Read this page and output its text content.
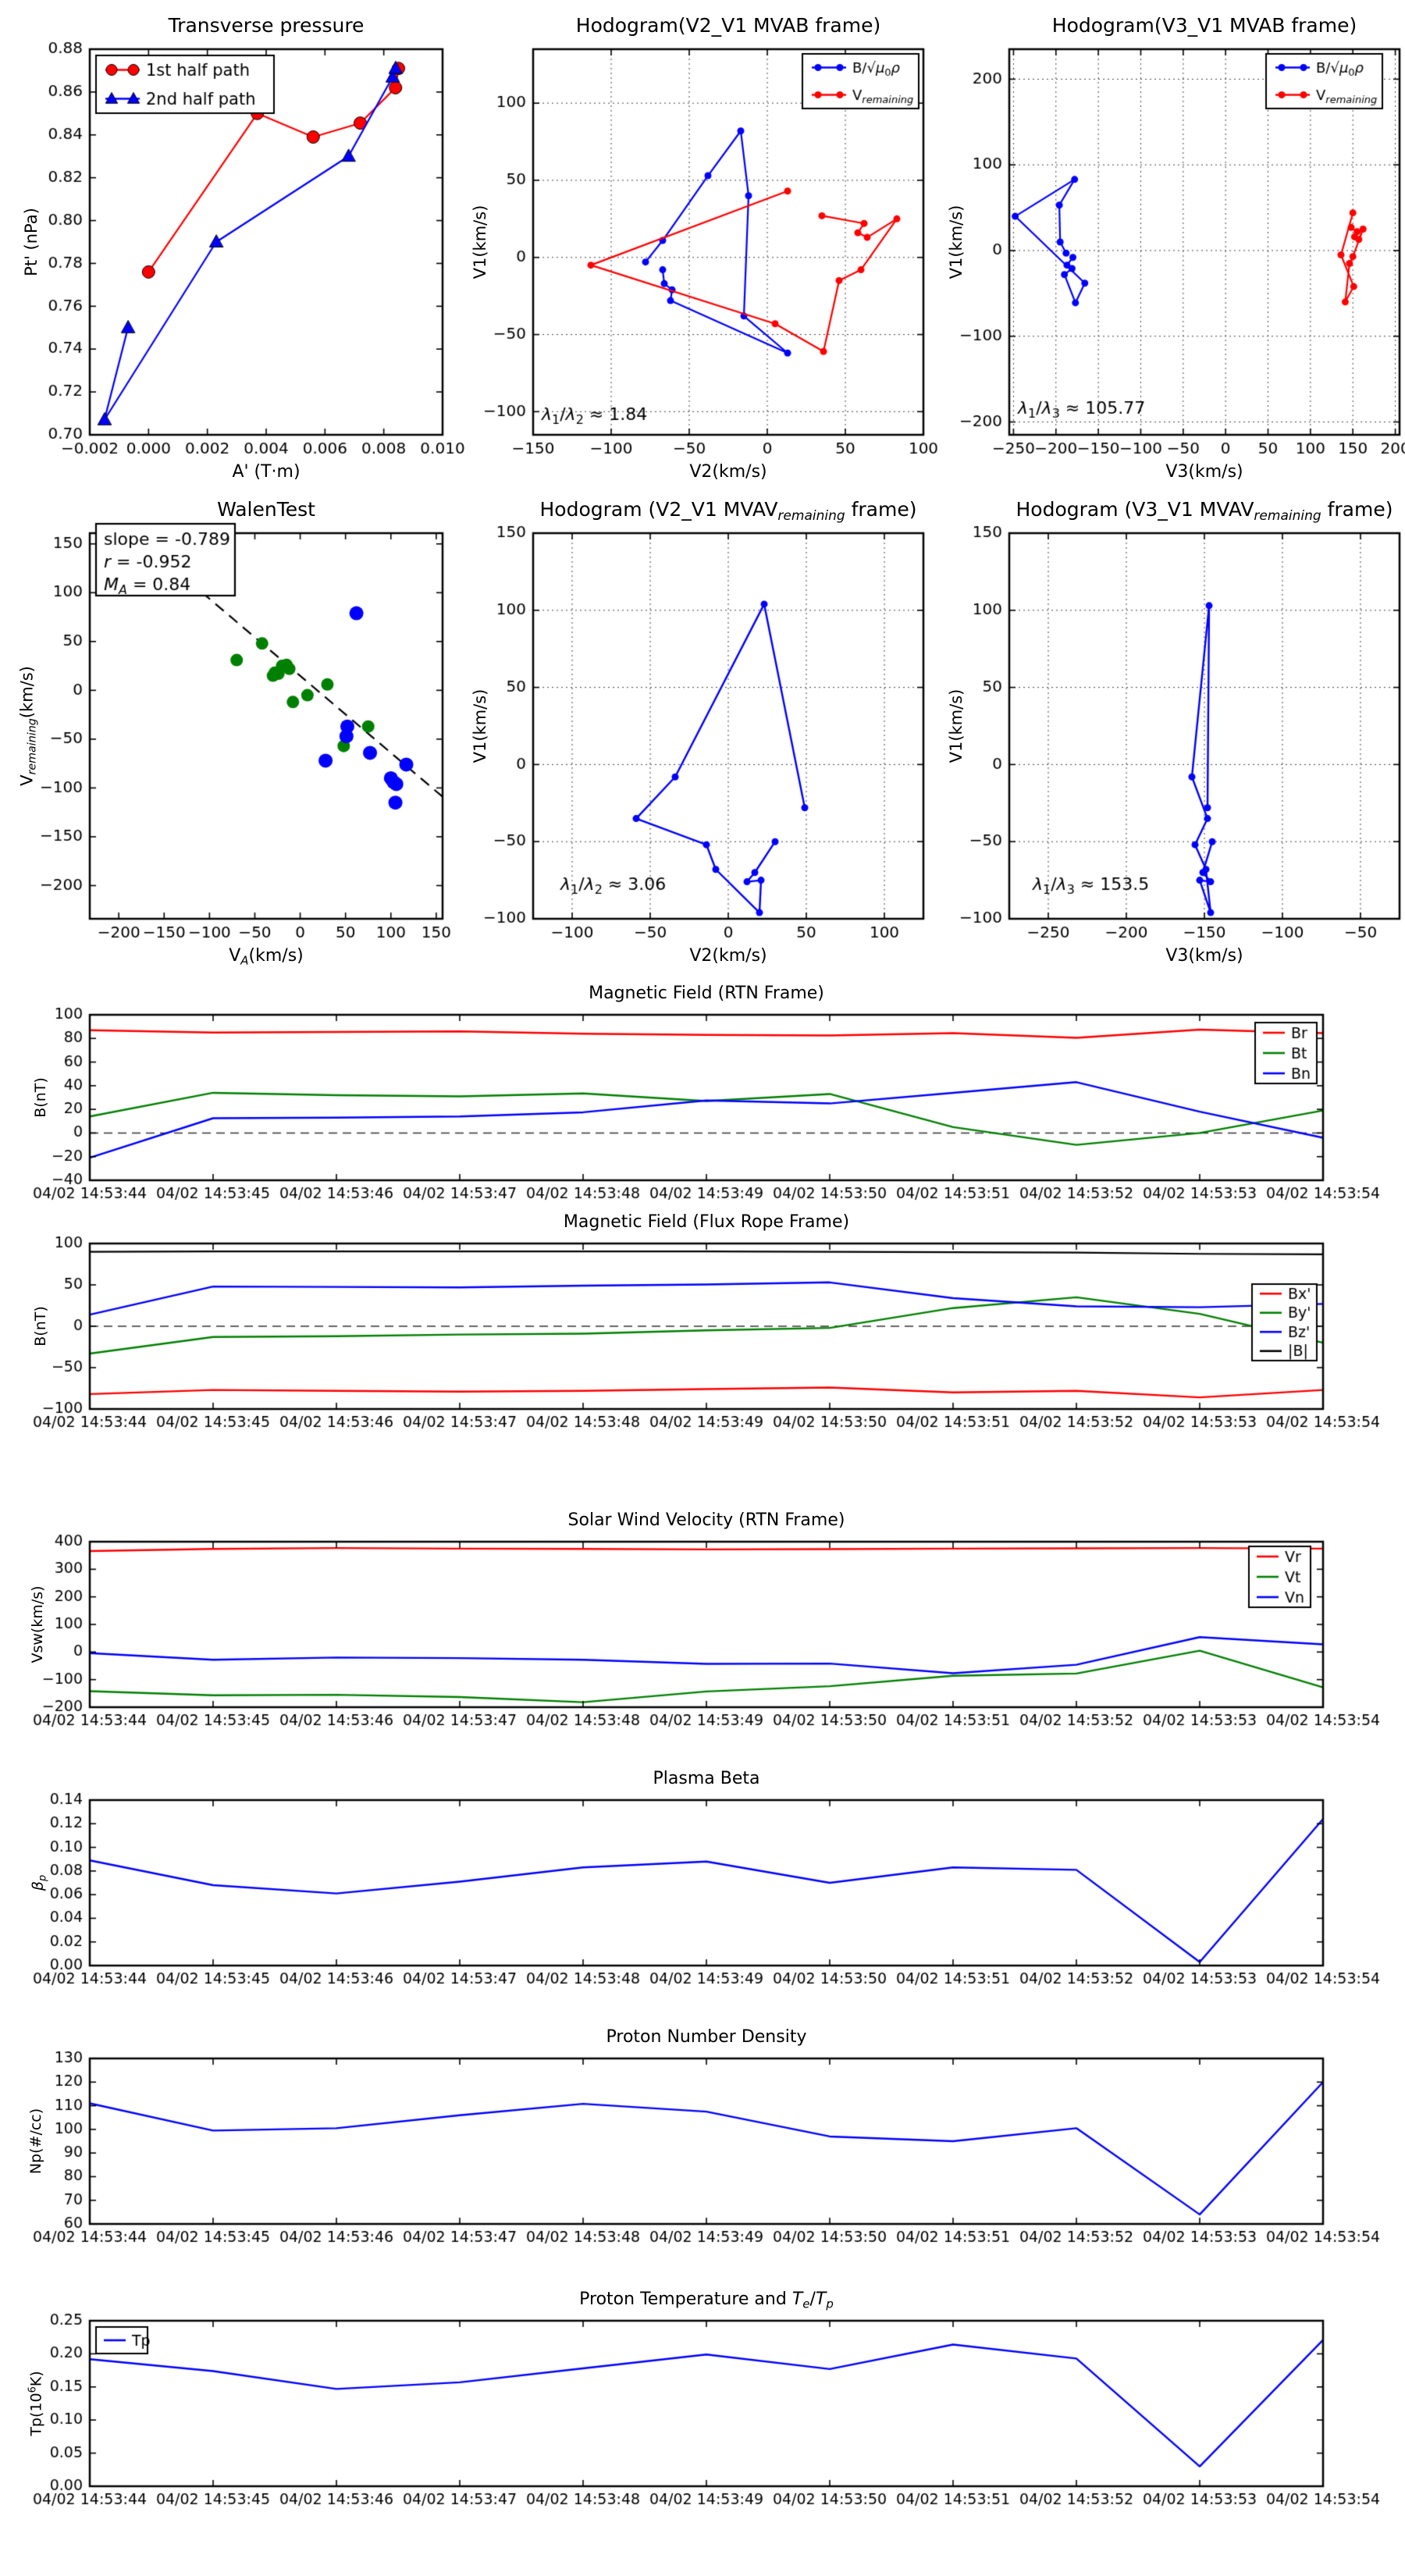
Transverse pressure	Hodogram(V2_V1 MVAB frame)	Hodogram(V3_V1 MVAB frame)
WalenTest	Hodogram (V2_V1 $MVAV_{remaining}$ frame)	Hodogram (V3_V1 $MVAV_{remaining}$ frame)
Magnetic Field (RTN Frame)
Magnetic Field (Flux Rope Frame)
Solar Wind Velocity (RTN Frame)
Plasma Beta
Proton Number Density
Proton Temperature and $T_e/T_p$
A' (T·m)	V2(km/s)	V3(km/s)
$V_A(km/s)$	V2(km/s)	V3(km/s)
Pt' (nPa)	V1(km/s)	V1(km/s)
$V_{remaining}(km/s)$	V1(km/s)	V1(km/s)
B(nT)
B(nT)
Vsw(km/s)
$\beta_p$
Np(#/cc)
$Tp(10^6K)$
